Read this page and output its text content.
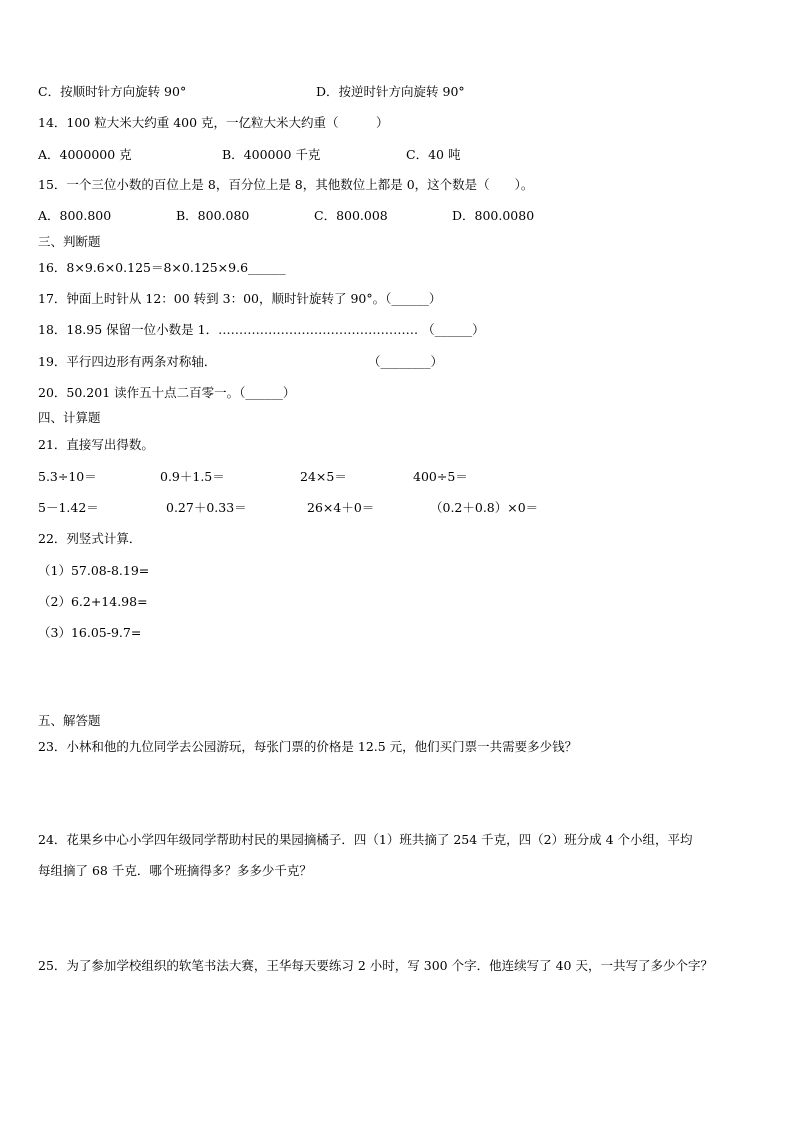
C．按顺时针方向旋转 90°	D．按逆时针方向旋转 90°
14．100 粒大米大约重 400 克，一亿粒大米大约重（　　　）
A．4000000 克	B．400000 千克	C．40 吨
15．一个三位小数的百位上是 8，百分位上是 8，其他数位上都是 0，这个数是（　　）。
A．800.800	B．800.080	C．800.008	D．800.0080
三、判断题
16．8×9.6×0.125＝8×0.125×9.6______
17．钟面上时针从 12：00 转到 3：00，顺时针旋转了 90°。（______）
18．18.95 保留一位小数是 1．………………………………………… （______）
19．平行四边形有两条对称轴．	（________）
20．50.201 读作五十点二百零一。（______）
四、计算题
21．直接写出得数。
5.3÷10＝	0.9＋1.5＝	24×5＝	400÷5＝
5－1.42＝	0.27＋0.33＝	26×4＋0＝	（0.2＋0.8）×0＝
22．列竖式计算．
（1）57.08-8.19=
（2）6.2+14.98=
（3）16.05-9.7=
五、解答题
23．小林和他的九位同学去公园游玩，每张门票的价格是 12.5 元，他们买门票一共需要多少钱？
24．花果乡中心小学四年级同学帮助村民的果园摘橘子．四（1）班共摘了 254 千克，四（2）班分成 4 个小组，平均
每组摘了 68 千克．哪个班摘得多？多多少千克？
25．为了参加学校组织的软笔书法大赛，王华每天要练习 2 小时，写 300 个字．他连续写了 40 天，一共写了多少个字？
